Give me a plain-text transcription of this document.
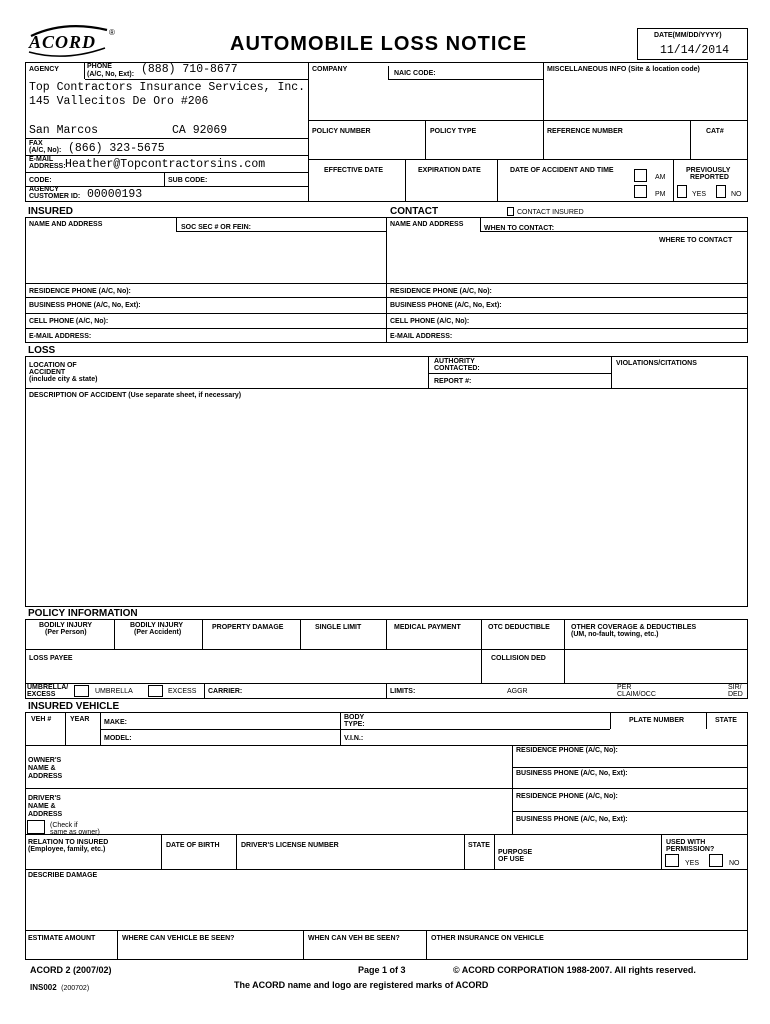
ACORD ®
AUTOMOBILE LOSS NOTICE	DATE(MM/DD/YYYY)
11/14/2014
AGENCY	PHONE
(A/C, No, Ext): (888) 710-8677
Top Contractors Insurance Services, Inc.
145 Vallecitos De Oro #206
San Marcos	CA 92069
FAX
(A/C, No): (866) 323-5675
E-MAIL
ADDRESS: Heather@Topcontractorsins.com
CODE:	SUB CODE:
AGENCY
CUSTOMER ID: 00000193
COMPANY
NAIC CODE:
MISCELLANEOUS INFO (Site & location code)
POLICY NUMBER	POLICY TYPE	REFERENCE NUMBER	CAT#
EFFECTIVE DATE	EXPIRATION DATE	DATE OF ACCIDENT AND TIME
AM
PM
PREVIOUSLY
REPORTED
YES	NO
INSURED	CONTACT	CONTACT INSURED
NAME AND ADDRESS	SOC SEC # OR FEIN:
RESIDENCE PHONE (A/C, No):
BUSINESS PHONE (A/C, No, Ext):
CELL PHONE (A/C, No):
E-MAIL ADDRESS:
NAME AND ADDRESS
WHEN TO CONTACT:
WHERE TO CONTACT
RESIDENCE PHONE (A/C, No):
BUSINESS PHONE (A/C, No, Ext):
CELL PHONE (A/C, No):
E-MAIL ADDRESS:
LOSS
LOCATION OF
ACCIDENT
(include city & state)
AUTHORITY
CONTACTED:
REPORT #:
VIOLATIONS/CITATIONS
DESCRIPTION OF ACCIDENT (Use separate sheet, if necessary)
POLICY INFORMATION
BODILY INJURY
(Per Person)
BODILY INJURY
(Per Accident)
PROPERTY DAMAGE	SINGLE LIMIT	MEDICAL PAYMENT	OTC DEDUCTIBLE	OTHER COVERAGE & DEDUCTIBLES
(UM, no-fault, towing, etc.)
LOSS PAYEE	COLLISION DED
UMBRELLA/
EXCESS	UMBRELLA	EXCESS CARRIER:	LIMITS:	AGGR
PER
CLAIM/OCC
SIR/
DED
INSURED VEHICLE
VEH #	YEAR MAKE:
MODEL:
BODY
TYPE:
V.I.N.:
PLATE NUMBER	STATE
OWNER'S
NAME &
ADDRESS
RESIDENCE PHONE (A/C, No):
BUSINESS PHONE (A/C, No, Ext):
DRIVER'S
NAME &
ADDRESS
RESIDENCE PHONE (A/C, No):
BUSINESS PHONE (A/C, No, Ext):
(Check if
same as owner)
RELATION TO INSURED
(Employee, family, etc.)
DATE OF BIRTH	DRIVER'S LICENSE NUMBER	STATE
PURPOSE
OF USE
USED WITH
PERMISSION?
YES	NO
DESCRIBE DAMAGE
ESTIMATE AMOUNT	WHERE CAN VEHICLE BE SEEN?	WHEN CAN VEH BE SEEN?	OTHER INSURANCE ON VEHICLE
ACORD 2 (2007/02)
INS002 (200702)
Page 1 of 3	© ACORD CORPORATION 1988-2007. All rights reserved.
The ACORD name and logo are registered marks of ACORD
